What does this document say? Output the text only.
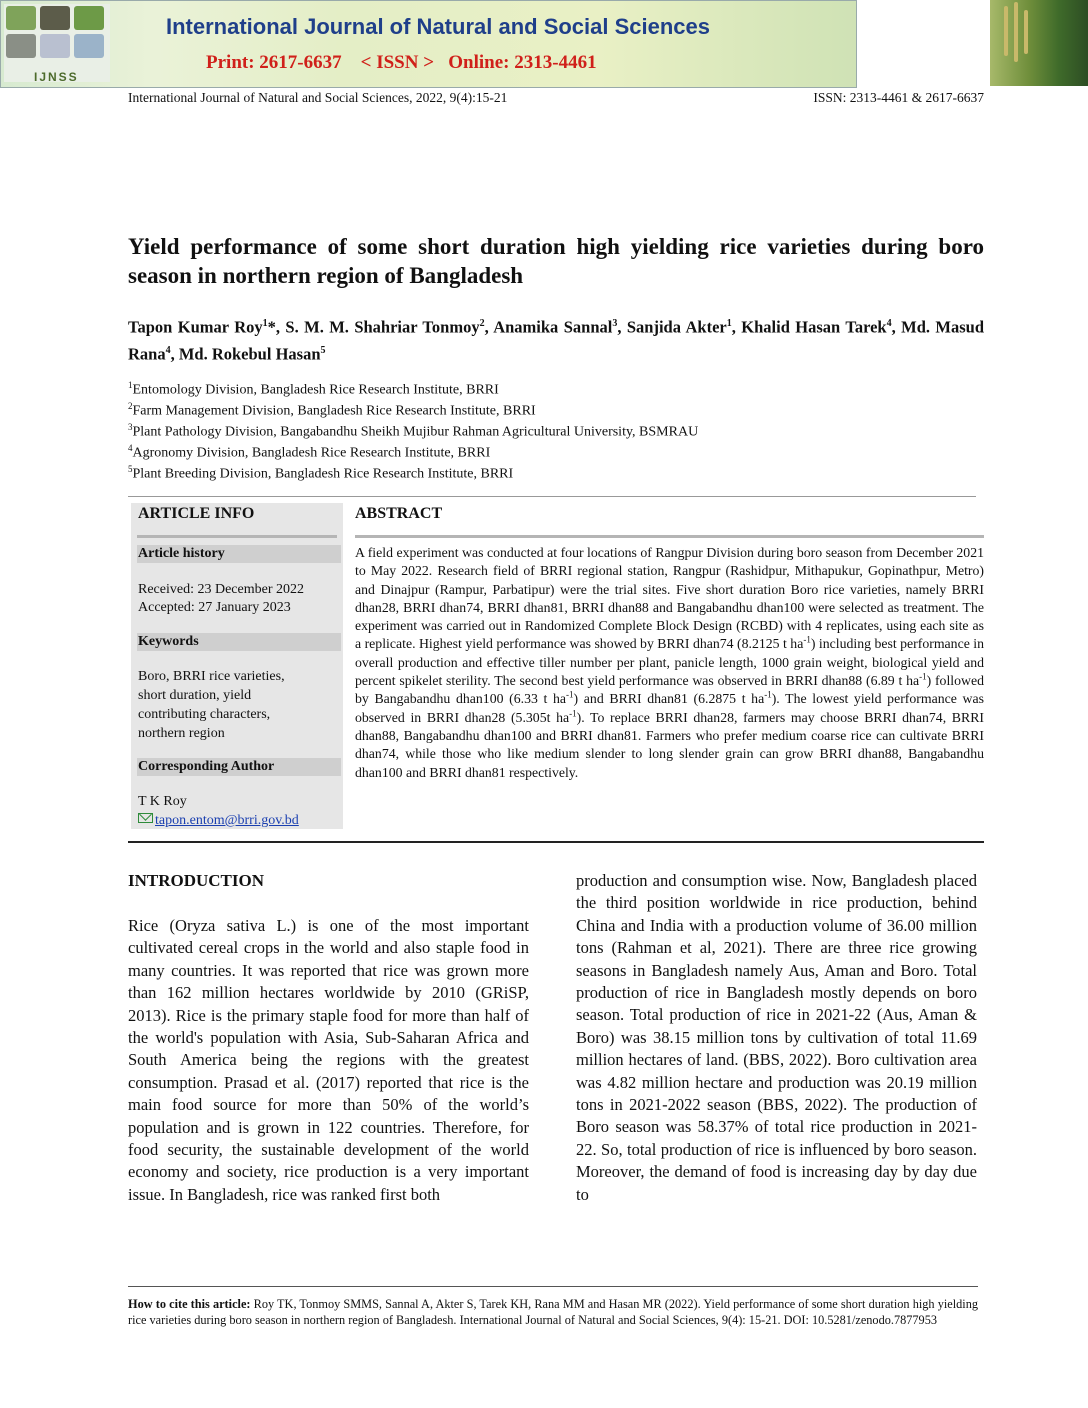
International Journal of Natural and Social Sciences, 2022, 9(4):15-21	ISSN: 2313-4461 & 2617-6637
IJNSS
International Journal of Natural and Social Sciences
Print: 2617-6637 < ISSN > Online: 2313-4461
Yield performance of some short duration high yielding rice varieties during boro season in northern region of Bangladesh
Tapon Kumar Roy$^1$*, S. M. M. Shahriar Tonmoy$^2$, Anamika Sannal$^3$, Sanjida Akter$^1$, Khalid Hasan Tarek$^4$, Md. Masud Rana$^4$, Md. Rokebul Hasan$^5$
$^1$Entomology Division, Bangladesh Rice Research Institute, BRRI
$^2$Farm Management Division, Bangladesh Rice Research Institute, BRRI
$^3$Plant Pathology Division, Bangabandhu Sheikh Mujibur Rahman Agricultural University, BSMRAU
$^4$Agronomy Division, Bangladesh Rice Research Institute, BRRI
$^5$Plant Breeding Division, Bangladesh Rice Research Institute, BRRI
ARTICLE INFO
Article history
Received: 23 December 2022
Accepted: 27 January 2023
Keywords
Boro, BRRI rice varieties,
short duration, yield
contributing characters,
northern region
Corresponding Author
T K Roy
tapon.entom@brri.gov.bd
ABSTRACT
A field experiment was conducted at four locations of Rangpur Division during boro season from December 2021 to May 2022. Research field of BRRI regional station, Rangpur (Rashidpur, Mithapukur, Gopinathpur, Metro) and Dinajpur (Rampur, Parbatipur) were the trial sites. Five short duration Boro rice varieties, namely BRRI dhan28, BRRI dhan74, BRRI dhan81, BRRI dhan88 and Bangabandhu dhan100 were selected as treatment. The experiment was carried out in Randomized Complete Block Design (RCBD) with 4 replicates, using each site as a replicate. Highest yield performance was showed by BRRI dhan74 (8.2125 t $ha^{-1}$) including best performance in overall production and effective tiller number per plant, panicle length, 1000 grain weight, biological yield and percent spikelet sterility. The second best yield performance was observed in BRRI dhan88 (6.89 t $ha^{-1}$) followed by Bangabandhu dhan100 (6.33 t $ha^{-1}$) and BRRI dhan81 (6.2875 t $ha^{-1}$). The lowest yield performance was observed in BRRI dhan28 (5.305t $ha^{-1}$). To replace BRRI dhan28, farmers may choose BRRI dhan74, BRRI dhan88, Bangabandhu dhan100 and BRRI dhan81. Farmers who prefer medium coarse rice can cultivate BRRI dhan74, while those who like medium slender to long slender grain can grow BRRI dhan88, Bangabandhu dhan100 and BRRI dhan81 respectively.
INTRODUCTION
Rice (Oryza sativa L.) is one of the most important cultivated cereal crops in the world and also staple food in many countries. It was reported that rice was grown more than 162 million hectares worldwide by 2010 (GRiSP, 2013). Rice is the primary staple food for more than half of the world's population with Asia, Sub-Saharan Africa and South America being the regions with the greatest consumption. Prasad et al. (2017) reported that rice is the main food source for more than 50% of the world’s population and is grown in 122 countries. Therefore, for food security, the sustainable development of the world economy and society, rice production is a very important issue. In Bangladesh, rice was ranked first both
production and consumption wise. Now, Bangladesh placed the third position worldwide in rice production, behind China and India with a production volume of 36.00 million tons (Rahman et al, 2021). There are three rice growing seasons in Bangladesh namely Aus, Aman and Boro. Total production of rice in Bangladesh mostly depends on boro season. Total production of rice in 2021-22 (Aus, Aman & Boro) was 38.15 million tons by cultivation of total 11.69 million hectares of land. (BBS, 2022). Boro cultivation area was 4.82 million hectare and production was 20.19 million tons in 2021-2022 season (BBS, 2022). The production of Boro season was 58.37% of total rice production in 2021-22. So, total production of rice is influenced by boro season. Moreover, the demand of food is increasing day by day due to
How to cite this article: Roy TK, Tonmoy SMMS, Sannal A, Akter S, Tarek KH, Rana MM and Hasan MR (2022). Yield performance of some short duration high yielding rice varieties during boro season in northern region of Bangladesh. International Journal of Natural and Social Sciences, 9(4): 15-21. DOI: 10.5281/zenodo.7877953
